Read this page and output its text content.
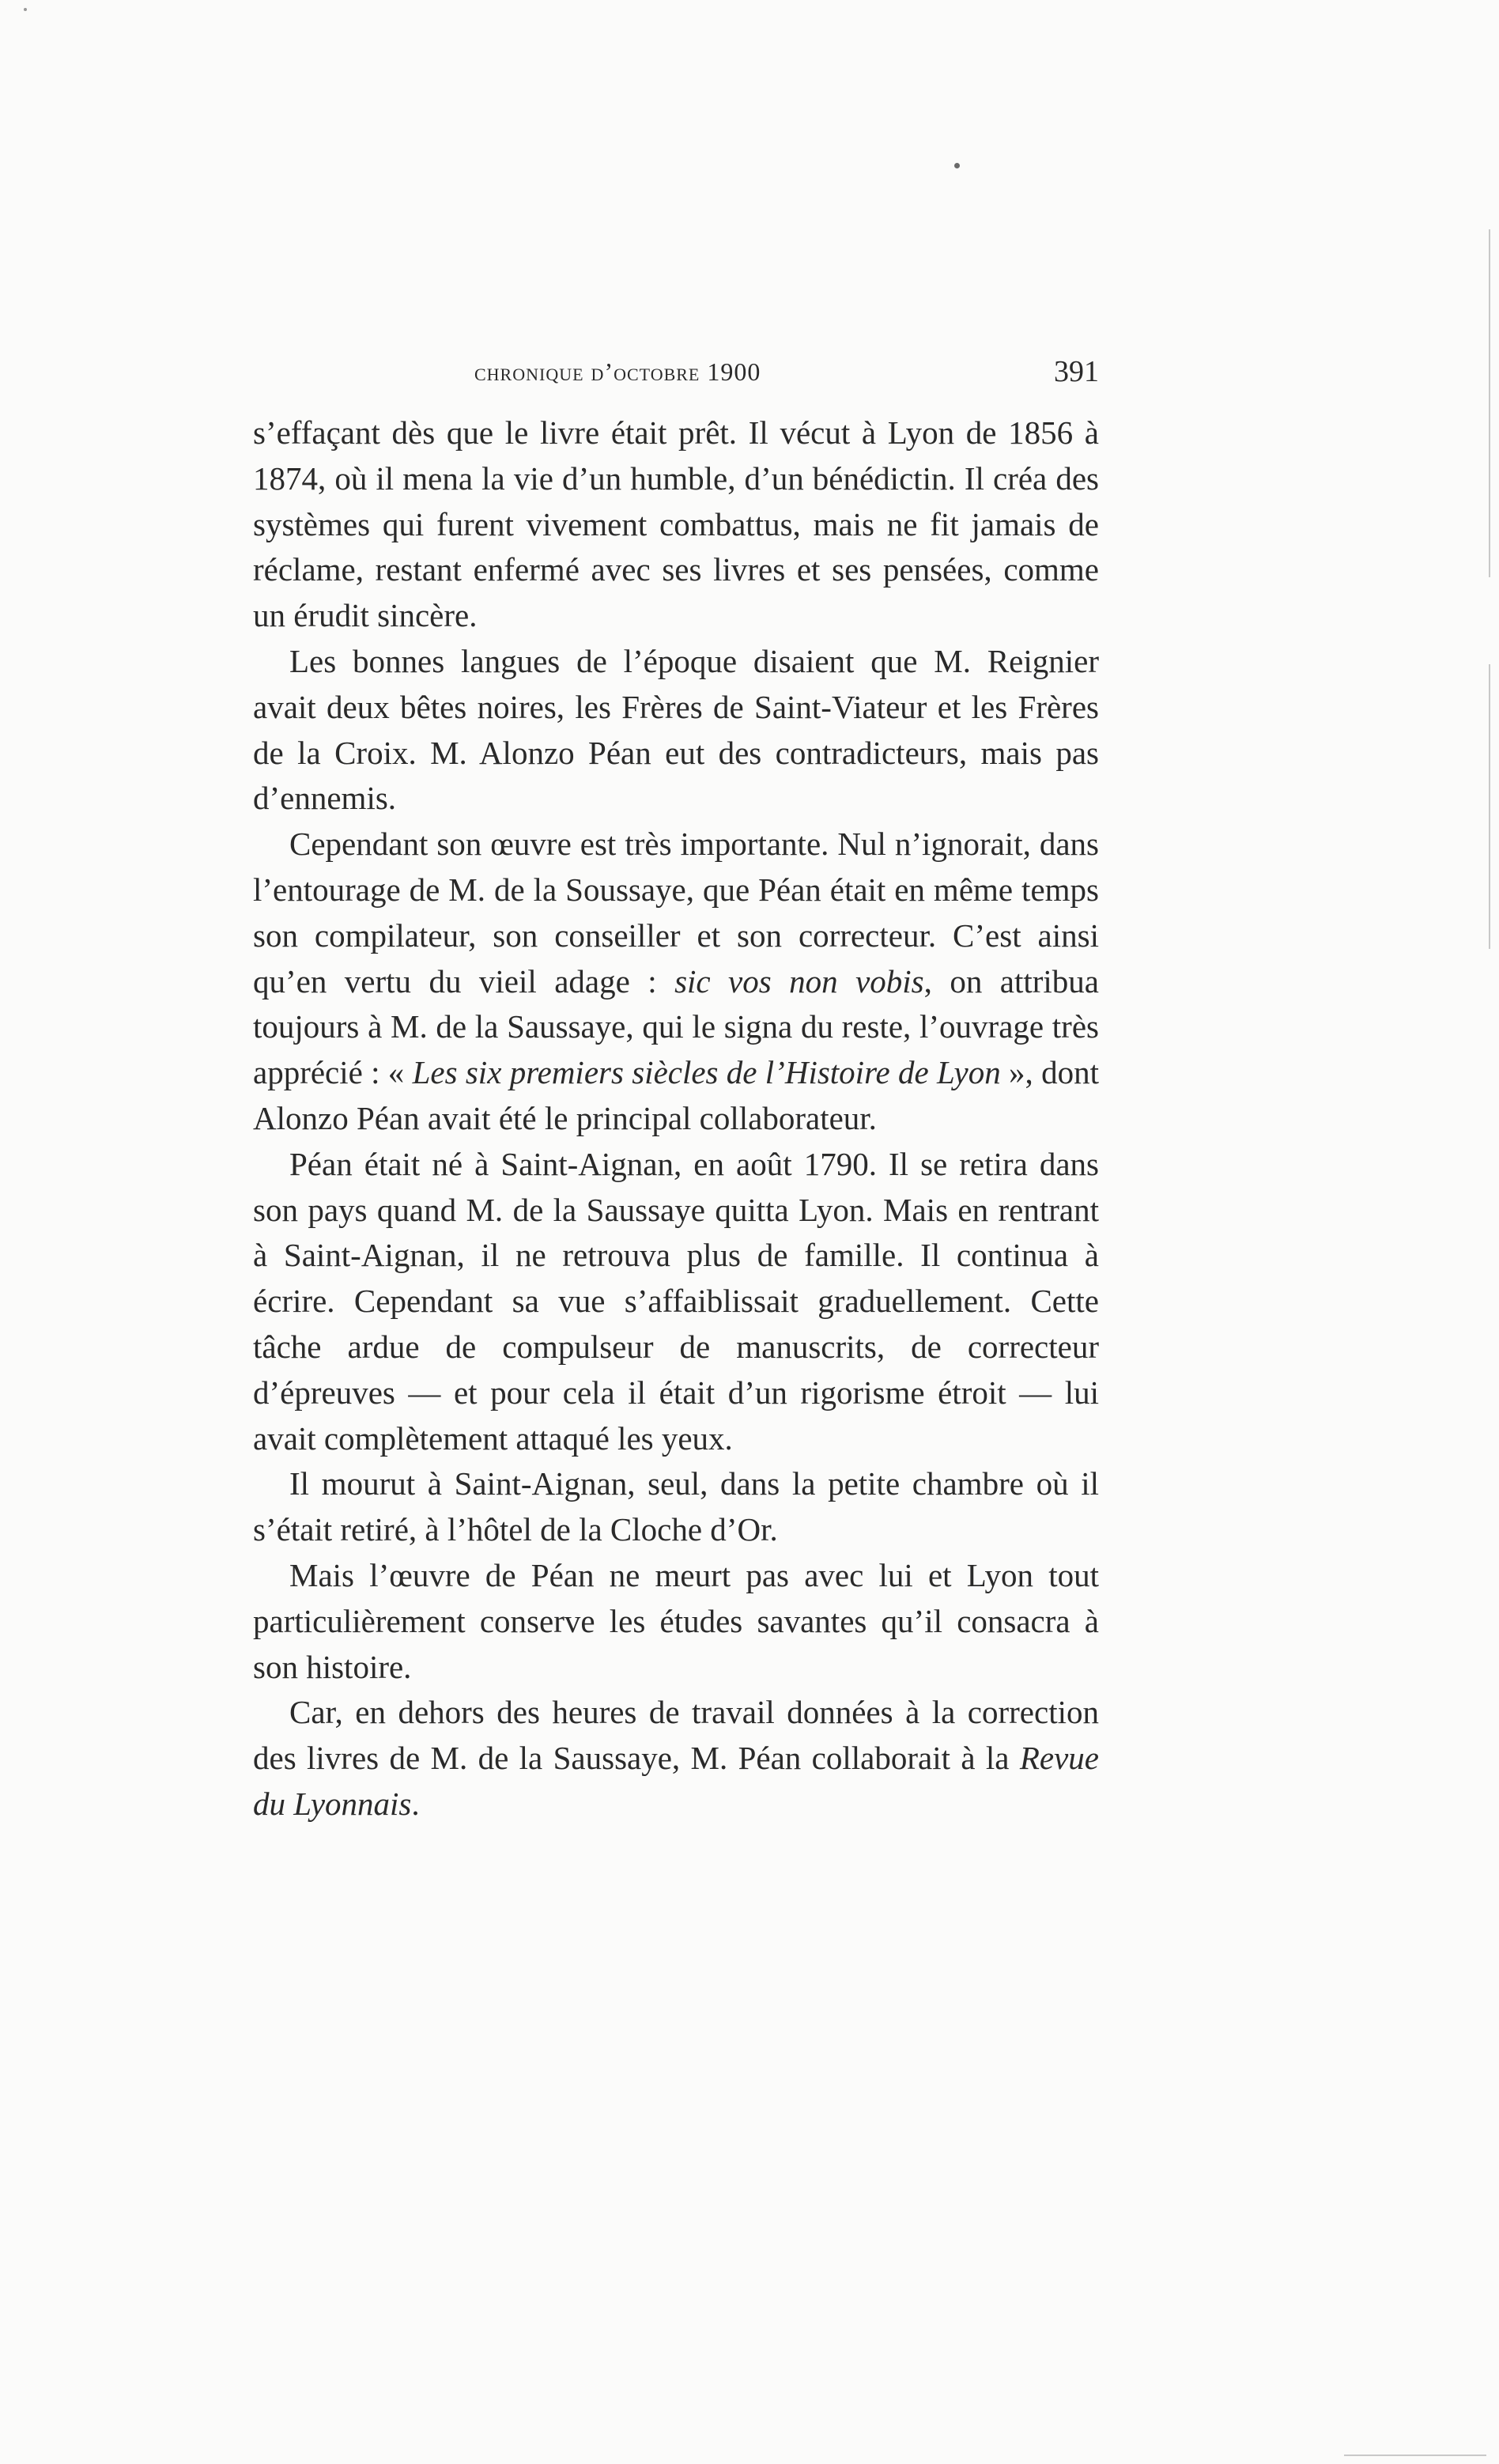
chronique d’octobre 1900	391

s’effaçant dès que le livre était prêt. Il vécut à Lyon de 1856 à 1874, où il mena la vie d’un humble, d’un bénédictin. Il créa des systèmes qui furent vivement combattus, mais ne fit jamais de réclame, restant enfermé avec ses livres et ses pensées, comme un érudit sincère.

Les bonnes langues de l’époque disaient que M. Reignier avait deux bêtes noires, les Frères de Saint-Viateur et les Frères de la Croix. M. Alonzo Péan eut des contradicteurs, mais pas d’ennemis.

Cependant son œuvre est très importante. Nul n’ignorait, dans l’entourage de M. de la Soussaye, que Péan était en même temps son compilateur, son conseiller et son correcteur. C’est ainsi qu’en vertu du vieil adage : sic vos non vobis, on attribua toujours à M. de la Saussaye, qui le signa du reste, l’ouvrage très apprécié : « Les six premiers siècles de l’Histoire de Lyon », dont Alonzo Péan avait été le principal collaborateur.

Péan était né à Saint-Aignan, en août 1790. Il se retira dans son pays quand M. de la Saussaye quitta Lyon. Mais en rentrant à Saint-Aignan, il ne retrouva plus de famille. Il continua à écrire. Cependant sa vue s’affaiblissait graduellement. Cette tâche ardue de compulseur de manuscrits, de correcteur d’épreuves — et pour cela il était d’un rigorisme étroit — lui avait complètement attaqué les yeux.

Il mourut à Saint-Aignan, seul, dans la petite chambre où il s’était retiré, à l’hôtel de la Cloche d’Or.

Mais l’œuvre de Péan ne meurt pas avec lui et Lyon tout particulièrement conserve les études savantes qu’il consacra à son histoire.

Car, en dehors des heures de travail données à la correction des livres de M. de la Saussaye, M. Péan collaborait à la Revue du Lyonnais.
